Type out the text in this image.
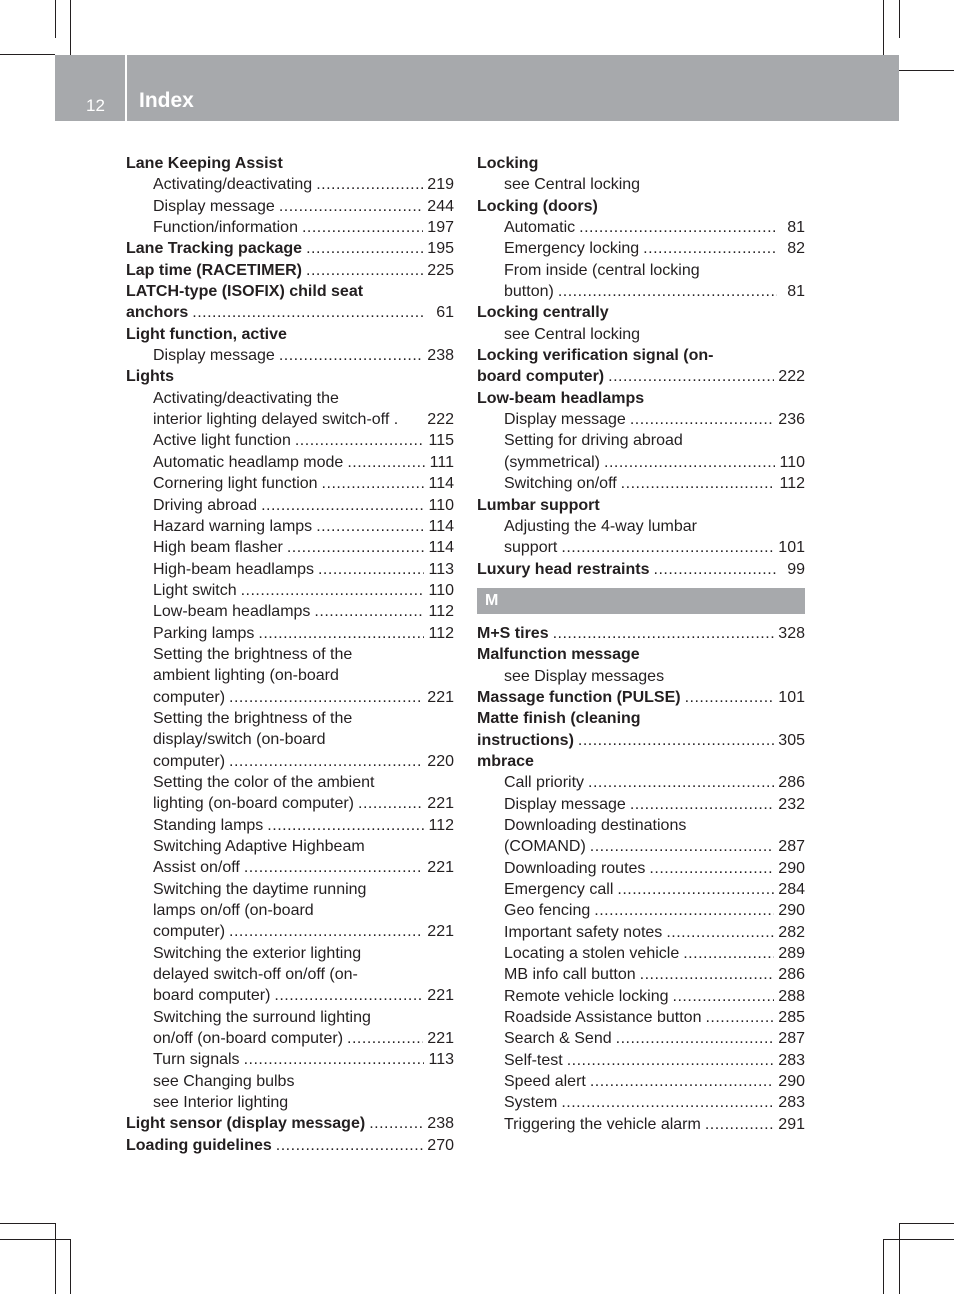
12 Index
Lane Keeping Assist
Activating/deactivating .....	219
Display message .....	244
Function/information .....	197
Lane Tracking package .....	195
Lap time (RACETIMER) .....	225
LATCH-type (ISOFIX) child seat
anchors .....	61
Light function, active
Display message .....	238
Lights
Activating/deactivating the
interior lighting delayed switch-off . 222
Active light function .....	115
Automatic headlamp mode .....	111
Cornering light function .....	114
Driving abroad .....	110
Hazard warning lamps .....	114
High beam flasher .....	114
High-beam headlamps .....	113
Light switch .....	110
Low-beam headlamps .....	112
Parking lamps .....	112
Setting the brightness of the
ambient lighting (on-board
computer) .....	221
Setting the brightness of the
display/switch (on-board
computer) .....	220
Setting the color of the ambient
lighting (on-board computer) .....	221
Standing lamps .....	112
Switching Adaptive Highbeam
Assist on/off .....	221
Switching the daytime running
lamps on/off (on-board
computer) .....	221
Switching the exterior lighting
delayed switch-off on/off (on-
board computer) .....	221
Switching the surround lighting
on/off (on-board computer) .....	221
Turn signals .....	113
see Changing bulbs
see Interior lighting
Light sensor (display message) .....	238
Loading guidelines .....	270
Locking
see Central locking
Locking (doors)
Automatic .....	81
Emergency locking .....	82
From inside (central locking
button) .....	81
Locking centrally
see Central locking
Locking verification signal (on-
board computer) .....	222
Low-beam headlamps
Display message .....	236
Setting for driving abroad
(symmetrical) .....	110
Switching on/off .....	112
Lumbar support
Adjusting the 4-way lumbar
support .....	101
Luxury head restraints .....	99
M
M+S tires .....	328
Malfunction message
see Display messages
Massage function (PULSE) .....	101
Matte finish (cleaning
instructions) .....	305
mbrace
Call priority .....	286
Display message .....	232
Downloading destinations
(COMAND) .....	287
Downloading routes .....	290
Emergency call .....	284
Geo fencing .....	290
Important safety notes .....	282
Locating a stolen vehicle .....	289
MB info call button .....	286
Remote vehicle locking .....	288
Roadside Assistance button .....	285
Search & Send .....	287
Self-test .....	283
Speed alert .....	290
System .....	283
Triggering the vehicle alarm .....	291
